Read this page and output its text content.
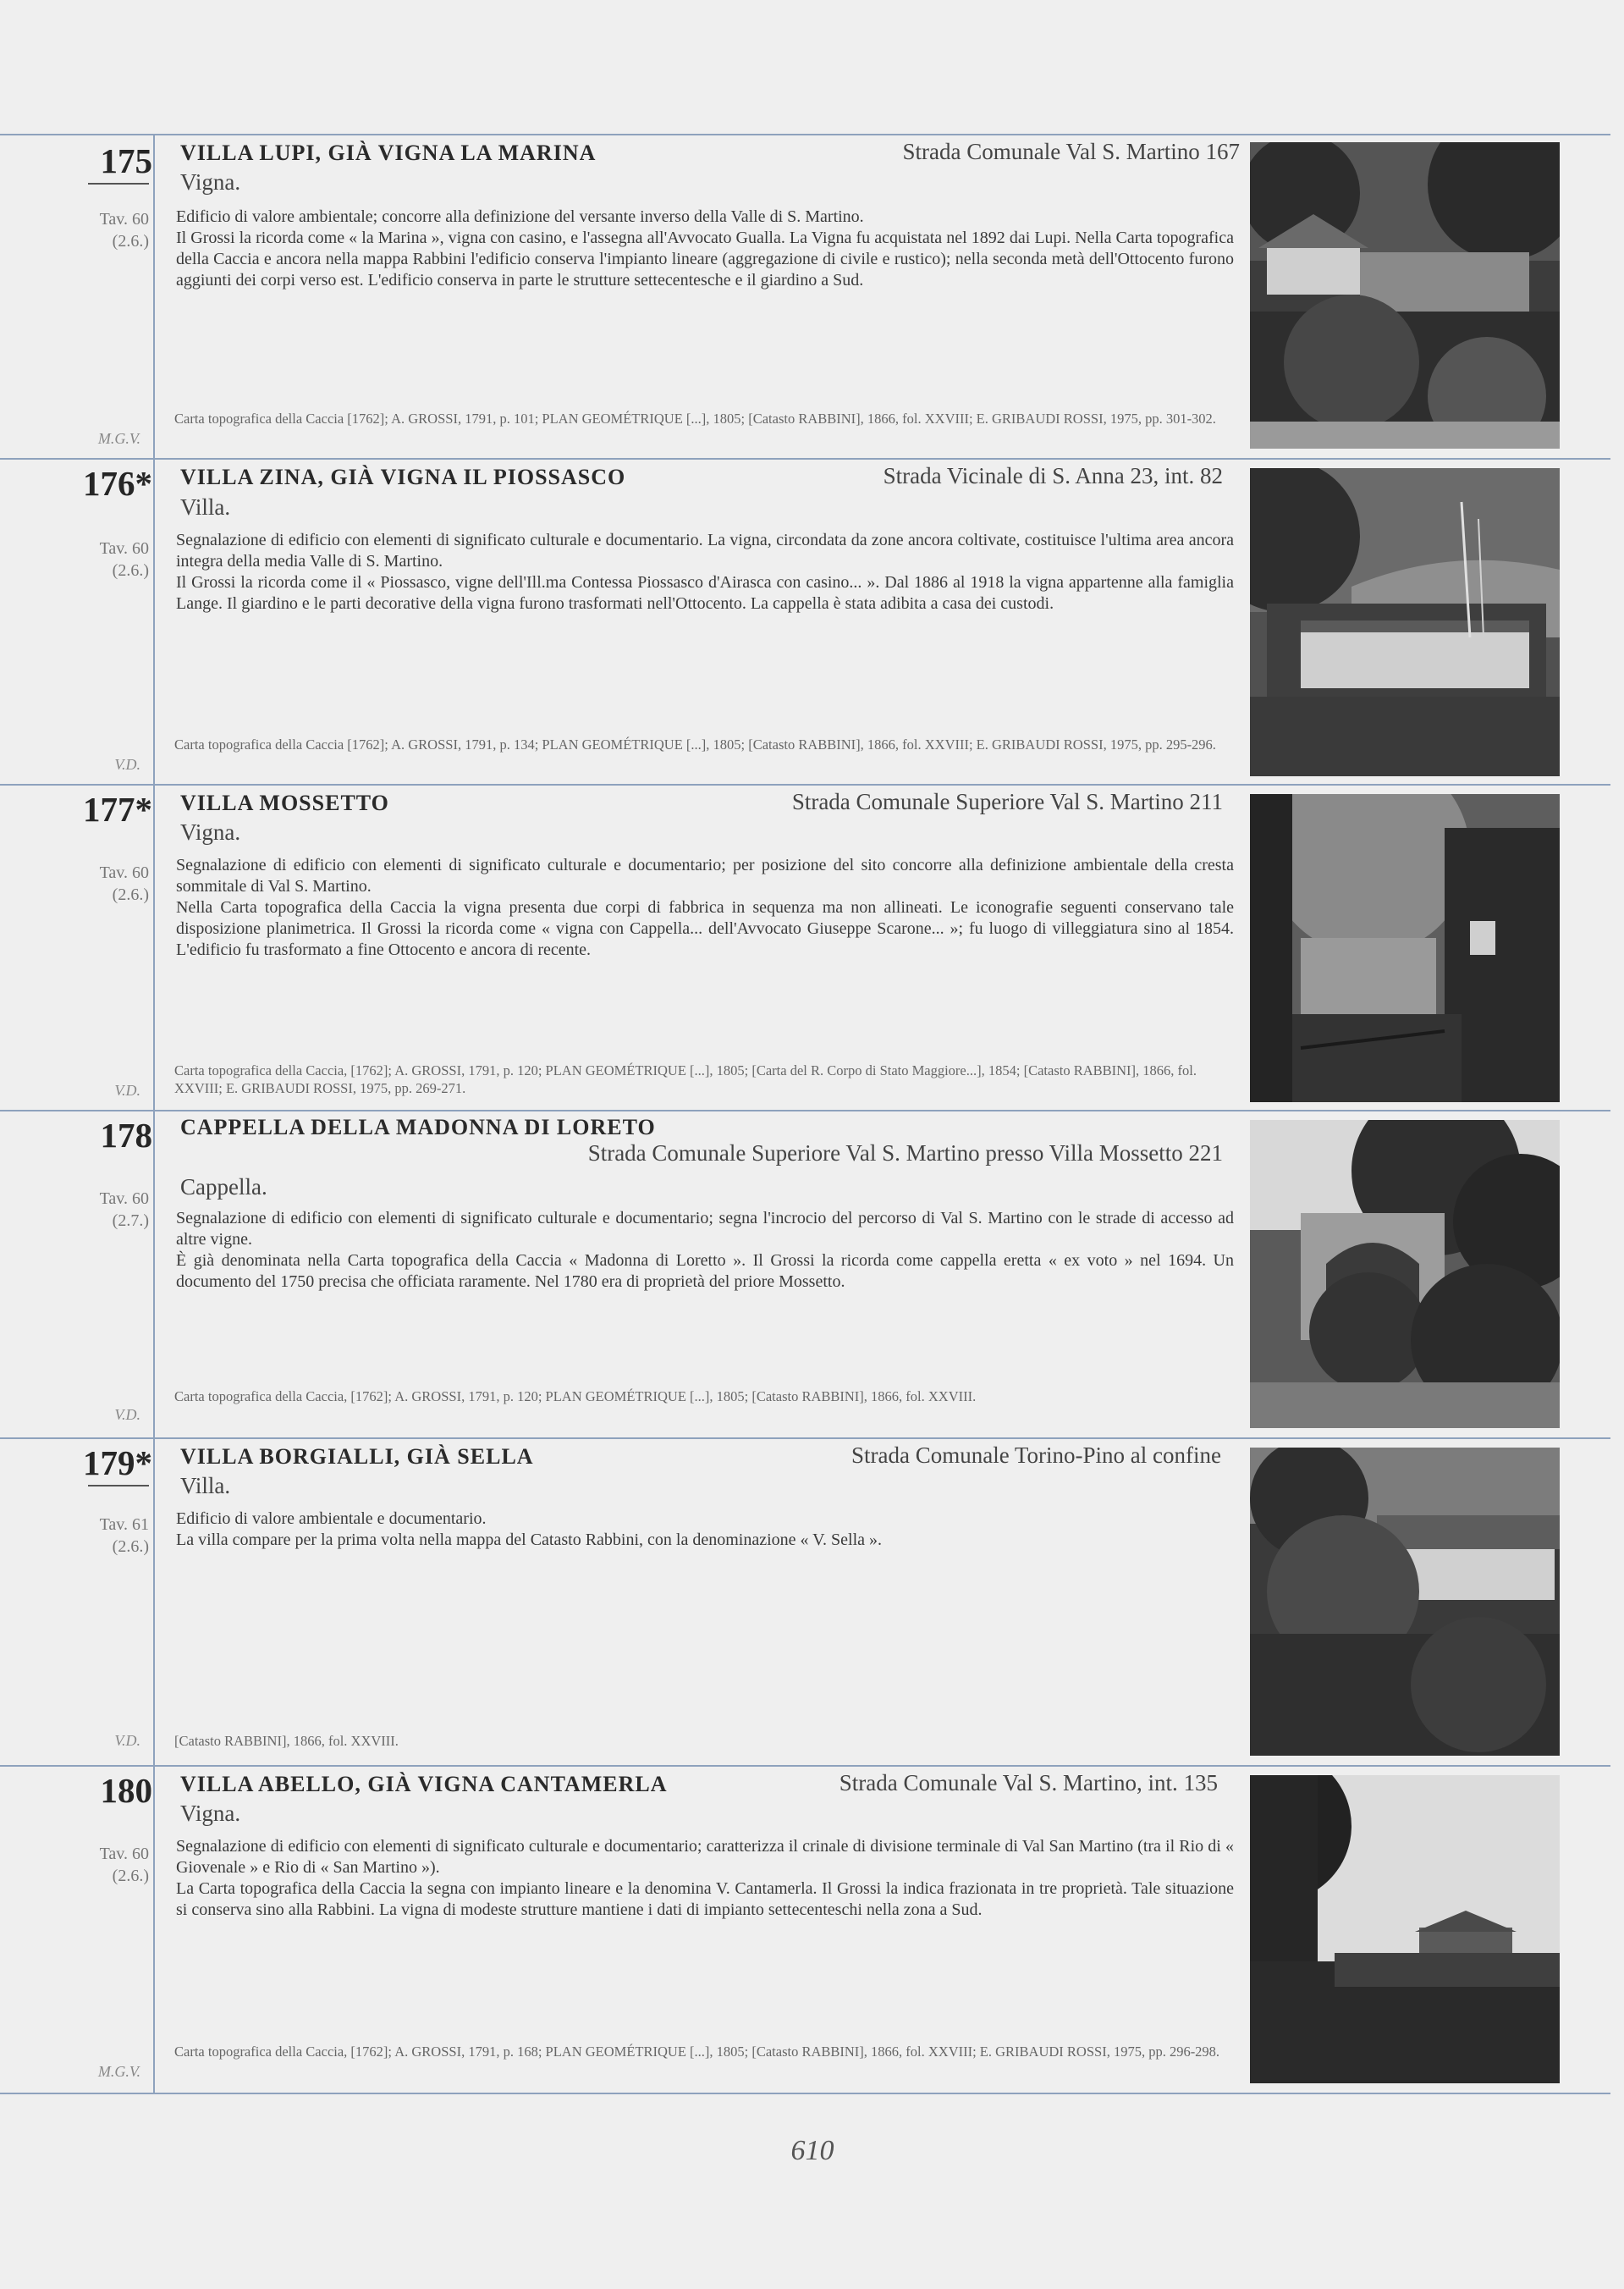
175
Tav. 60
(2.6.)
VILLA LUPI, GIÀ VIGNA LA MARINA	Strada Comunale Val S. Martino 167
Vigna.

Edificio di valore ambientale; concorre alla definizione del versante inverso della Valle di S. Martino.

Il Grossi la ricorda come « la Marina », vigna con casino, e l'assegna all'Avvocato Gualla. La Vigna fu acquistata nel 1892 dai Lupi. Nella Carta topografica della Caccia e ancora nella mappa Rabbini l'edificio conserva l'impianto lineare (aggregazione di civile e rustico); nella seconda metà dell'Ottocento furono aggiunti dei corpi verso est. L'edificio conserva in parte le strutture settecentesche e il giardino a Sud.

Carta topografica della Caccia [1762]; A. GROSSI, 1791, p. 101; PLAN GEOMÉTRIQUE [...], 1805; [Catasto RABBINI], 1866, fol. XXVIII; E. GRIBAUDI ROSSI, 1975, pp. 301-302.
M.G.V.
176*
Tav. 60
(2.6.)
VILLA ZINA, GIÀ VIGNA IL PIOSSASCO	Strada Vicinale di S. Anna 23, int. 82
Villa.

Segnalazione di edificio con elementi di significato culturale e documentario. La vigna, circondata da zone ancora coltivate, costituisce l'ultima area ancora integra della media Valle di S. Martino.

Il Grossi la ricorda come il « Piossasco, vigne dell'Ill.ma Contessa Piossasco d'Airasca con casino... ». Dal 1886 al 1918 la vigna appartenne alla famiglia Lange. Il giardino e le parti decorative della vigna furono trasformati nell'Ottocento. La cappella è stata adibita a casa dei custodi.

Carta topografica della Caccia [1762]; A. GROSSI, 1791, p. 134; PLAN GEOMÉTRIQUE [...], 1805; [Catasto RABBINI], 1866, fol. XXVIII; E. GRIBAUDI ROSSI, 1975, pp. 295-296.
V.D.
177*
Tav. 60
(2.6.)
VILLA MOSSETTO	Strada Comunale Superiore Val S. Martino 211
Vigna.

Segnalazione di edificio con elementi di significato culturale e documentario; per posizione del sito concorre alla definizione ambientale della cresta sommitale di Val S. Martino.

Nella Carta topografica della Caccia la vigna presenta due corpi di fabbrica in sequenza ma non allineati. Le iconografie seguenti conservano tale disposizione planimetrica. Il Grossi la ricorda come « vigna con Cappella... dell'Avvocato Giuseppe Scarone... »; fu luogo di villeggiatura sino al 1854. L'edificio fu trasformato a fine Ottocento e ancora di recente.

Carta topografica della Caccia, [1762]; A. GROSSI, 1791, p. 120; PLAN GEOMÉTRIQUE [...], 1805; [Carta del R. Corpo di Stato Maggiore...], 1854; [Catasto RABBINI], 1866, fol. XXVIII; E. GRIBAUDI ROSSI, 1975, pp. 269-271.
V.D.
178
Tav. 60
(2.7.)
CAPPELLA DELLA MADONNA DI LORETO
Strada Comunale Superiore Val S. Martino presso Villa Mossetto 221
Cappella.

Segnalazione di edificio con elementi di significato culturale e documentario; segna l'incrocio del percorso di Val S. Martino con le strade di accesso ad altre vigne.

È già denominata nella Carta topografica della Caccia « Madonna di Loretto ». Il Grossi la ricorda come cappella eretta « ex voto » nel 1694. Un documento del 1750 precisa che officiata raramente. Nel 1780 era di proprietà del priore Mossetto.

Carta topografica della Caccia, [1762]; A. GROSSI, 1791, p. 120; PLAN GEOMÉTRIQUE [...], 1805; [Catasto RABBINI], 1866, fol. XXVIII.
V.D.
179*
Tav. 61
(2.6.)
VILLA BORGIALLI, GIÀ SELLA	Strada Comunale Torino-Pino al confine
Villa.

Edificio di valore ambientale e documentario.

La villa compare per la prima volta nella mappa del Catasto Rabbini, con la denominazione « V. Sella ».

[Catasto RABBINI], 1866, fol. XXVIII.
V.D.
180
Tav. 60
(2.6.)
VILLA ABELLO, GIÀ VIGNA CANTAMERLA	Strada Comunale Val S. Martino, int. 135
Vigna.

Segnalazione di edificio con elementi di significato culturale e documentario; caratterizza il crinale di divisione terminale di Val San Martino (tra il Rio di « Giovenale » e Rio di « San Martino »).

La Carta topografica della Caccia la segna con impianto lineare e la denomina V. Cantamerla. Il Grossi la indica frazionata in tre proprietà. Tale situazione si conserva sino alla Rabbini. La vigna di modeste strutture mantiene i dati di impianto settecenteschi nella zona a Sud.

Carta topografica della Caccia, [1762]; A. GROSSI, 1791, p. 168; PLAN GEOMÉTRIQUE [...], 1805; [Catasto RABBINI], 1866, fol. XXVIII; E. GRIBAUDI ROSSI, 1975, pp. 296-298.
M.G.V.
610
